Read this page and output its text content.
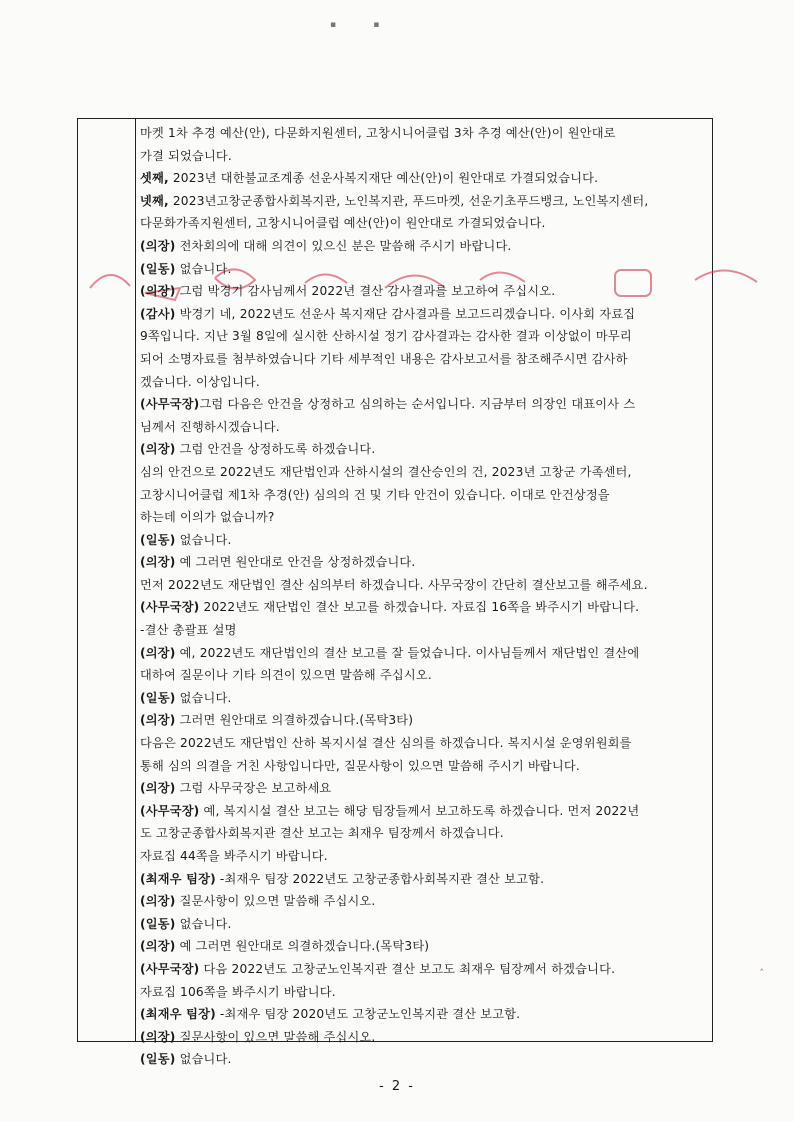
▪             ▪
마켓 1차 추경 예산(안), 다문화지원센터, 고창시니어클럽 3차 추경 예산(안)이 원안대로
가결 되었습니다.
셋째, 2023년 대한불교조계종 선운사복지재단 예산(안)이 원안대로 가결되었습니다.
넷째, 2023년고창군종합사회복지관, 노인복지관, 푸드마켓, 선운기초푸드뱅크, 노인복지센터,
다문화가족지원센터, 고창시니어클럽 예산(안)이 원안대로 가결되었습니다.
(의장) 전차회의에 대해 의견이 있으신 분은 말씀해 주시기 바랍니다.
(일동) 없습니다.
(의장) 그럼 박경기 감사님께서 2022년 결산 감사결과를 보고하여 주십시오.
(감사) 박경기 네, 2022년도 선운사 복지재단 감사결과를 보고드리겠습니다. 이사회 자료집
9쪽입니다. 지난 3월 8일에 실시한 산하시설 정기 감사결과는 감사한 결과 이상없이 마무리
되어 소명자료를 첨부하였습니다 기타 세부적인 내용은 감사보고서를 참조해주시면 감사하
겠습니다. 이상입니다.
(사무국장)그럼 다음은 안건을 상정하고 심의하는 순서입니다. 지금부터 의장인 대표이사 스
님께서 진행하시겠습니다.
(의장) 그럼 안건을 상정하도록 하겠습니다.
심의 안건으로 2022년도 재단법인과 산하시설의 결산승인의 건, 2023년 고창군 가족센터,
고창시니어클럽 제1차 추경(안) 심의의 건 및 기타 안건이 있습니다. 이대로 안건상정을
하는데 이의가 없습니까?
(일동) 없습니다.
(의장) 예 그러면 원안대로 안건을 상정하겠습니다.
먼저 2022년도 재단법인 결산 심의부터 하겠습니다. 사무국장이 간단히 결산보고를 해주세요.
(사무국장) 2022년도 재단법인 결산 보고를 하겠습니다. 자료집 16쪽을 봐주시기 바랍니다.
-결산 총괄표 설명
(의장) 예, 2022년도 재단법인의 결산 보고를 잘 들었습니다. 이사님들께서 재단법인 결산에
대하여 질문이나 기타 의견이 있으면 말씀해 주십시오.
(일동) 없습니다.
(의장) 그러면 원안대로 의결하겠습니다.(목탁3타)
다음은 2022년도 재단법인 산하 복지시설 결산 심의를 하겠습니다. 복지시설 운영위원회를
통해 심의 의결을 거친 사항입니다만, 질문사항이 있으면 말씀해 주시기 바랍니다.
(의장) 그럼 사무국장은 보고하세요
(사무국장) 예, 복지시설 결산 보고는 해당 팀장들께서 보고하도록 하겠습니다. 먼저 2022년
도 고창군종합사회복지관 결산 보고는 최재우 팀장께서 하겠습니다.
자료집 44쪽을 봐주시기 바랍니다.
(최재우 팀장) -최재우 팀장 2022년도 고창군종합사회복지관 결산 보고함.
(의장) 질문사항이 있으면 말씀해 주십시오.
(일동) 없습니다.
(의장) 예 그러면 원안대로 의결하겠습니다.(목탁3타)
(사무국장) 다음 2022년도 고창군노인복지관 결산 보고도 최재우 팀장께서 하겠습니다.
자료집 106쪽을 봐주시기 바랍니다.
(최재우 팀장) -최재우 팀장 2020년도 고창군노인복지관 결산 보고함.
(의장) 질문사항이 있으면 말씀해 주십시오.
(일동) 없습니다.
‸
- 2 -
